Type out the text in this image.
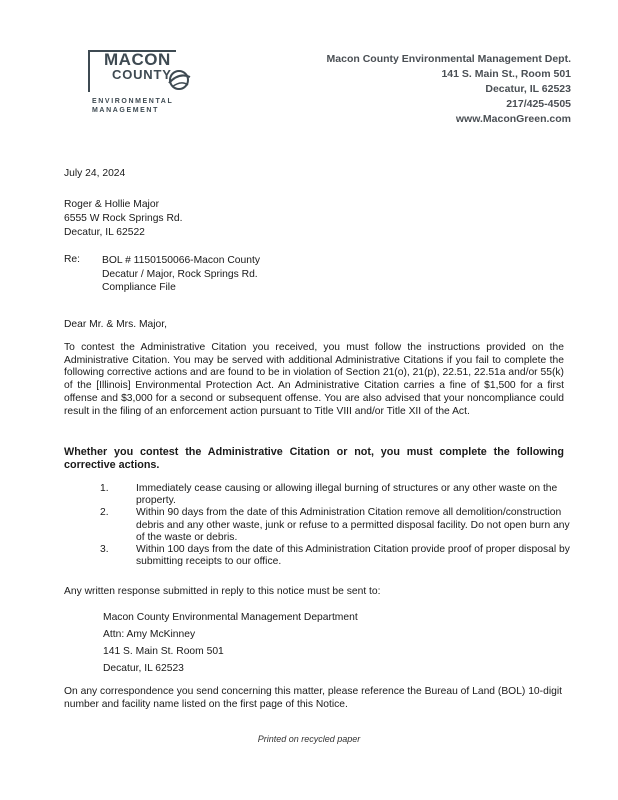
MACON
COUNTY
ENVIRONMENTAL
MANAGEMENT
Macon County Environmental Management Dept.
141 S. Main St., Room 501
Decatur, IL 62523
217/425-4505
www.MaconGreen.com
July 24, 2024
Roger & Hollie Major
6555 W Rock Springs Rd.
Decatur, IL 62522
Re: BOL # 1150150066-Macon County
Decatur / Major, Rock Springs Rd.
Compliance File
Dear Mr. & Mrs. Major,
To contest the Administrative Citation you received, you must follow the instructions provided on the Administrative Citation. You may be served with additional Administrative Citations if you fail to complete the following corrective actions and are found to be in violation of Section 21(o), 21(p), 22.51, 22.51a and/or 55(k) of the [Illinois] Environmental Protection Act. An Administrative Citation carries a fine of $1,500 for a first offense and $3,000 for a second or subsequent offense. You are also advised that your noncompliance could result in the filing of an enforcement action pursuant to Title VIII and/or Title XII of the Act.
Whether you contest the Administrative Citation or not, you must complete the following corrective actions.
1.	Immediately cease causing or allowing illegal burning of structures or any other waste on the property.
2.	Within 90 days from the date of this Administration Citation remove all demolition/construction debris and any other waste, junk or refuse to a permitted disposal facility. Do not open burn any of the waste or debris.
3.	Within 100 days from the date of this Administration Citation provide proof of proper disposal by submitting receipts to our office.
Any written response submitted in reply to this notice must be sent to:
Macon County Environmental Management Department
Attn: Amy McKinney
141 S. Main St. Room 501
Decatur, IL 62523
On any correspondence you send concerning this matter, please reference the Bureau of Land (BOL) 10-digit number and facility name listed on the first page of this Notice.
Printed on recycled paper
